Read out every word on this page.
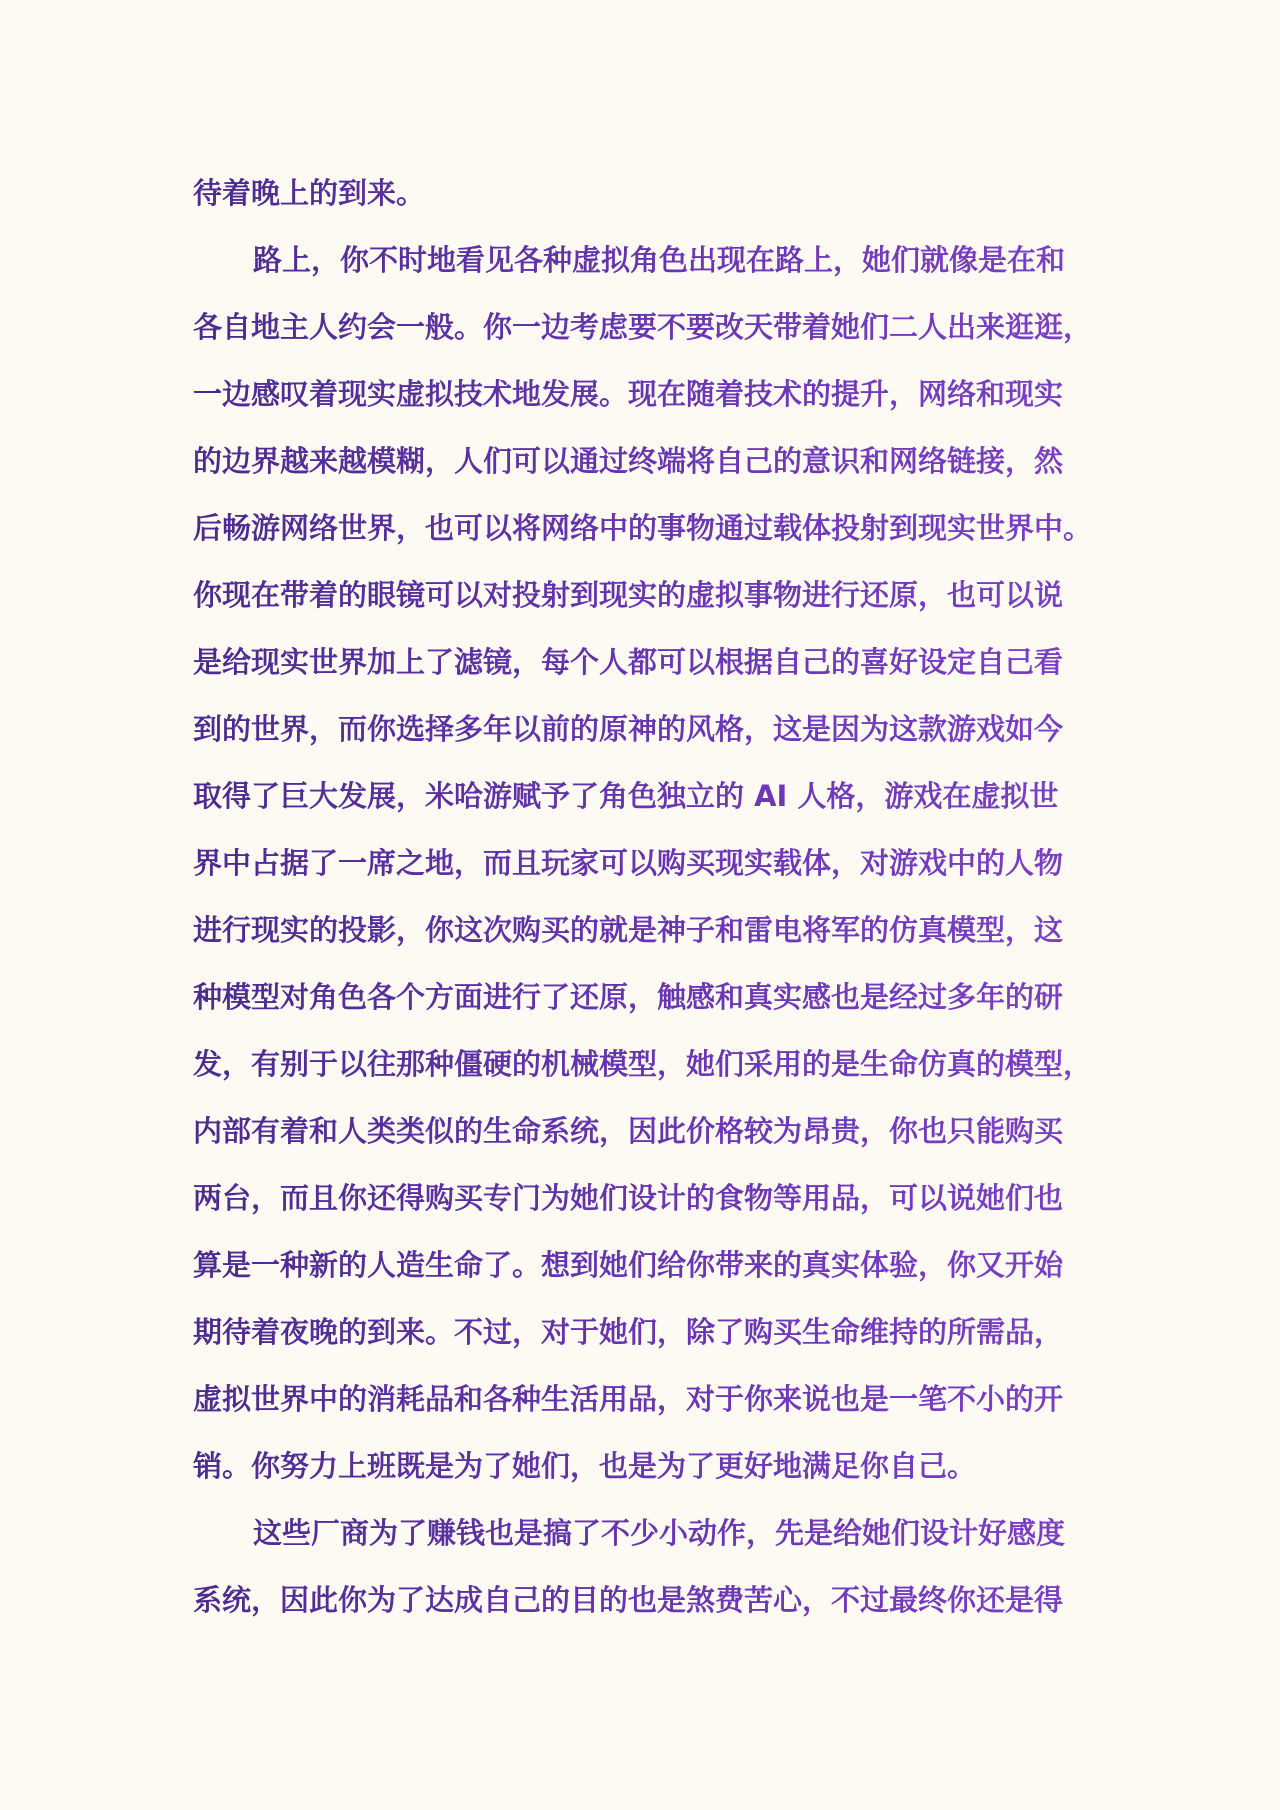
待着晚上的到来。
路上，你不时地看见各种虚拟角色出现在路上，她们就像是在和
各自地主人约会一般。你一边考虑要不要改天带着她们二人出来逛逛，
一边感叹着现实虚拟技术地发展。现在随着技术的提升，网络和现实
的边界越来越模糊，人们可以通过终端将自己的意识和网络链接，然
后畅游网络世界，也可以将网络中的事物通过载体投射到现实世界中。
你现在带着的眼镜可以对投射到现实的虚拟事物进行还原，也可以说
是给现实世界加上了滤镜，每个人都可以根据自己的喜好设定自己看
到的世界，而你选择多年以前的原神的风格，这是因为这款游戏如今
取得了巨大发展，米哈游赋予了角色独立的 AI 人格，游戏在虚拟世
界中占据了一席之地，而且玩家可以购买现实载体，对游戏中的人物
进行现实的投影，你这次购买的就是神子和雷电将军的仿真模型，这
种模型对角色各个方面进行了还原，触感和真实感也是经过多年的研
发，有别于以往那种僵硬的机械模型，她们采用的是生命仿真的模型，
内部有着和人类类似的生命系统，因此价格较为昂贵，你也只能购买
两台，而且你还得购买专门为她们设计的食物等用品，可以说她们也
算是一种新的人造生命了。想到她们给你带来的真实体验，你又开始
期待着夜晚的到来。不过，对于她们，除了购买生命维持的所需品，
虚拟世界中的消耗品和各种生活用品，对于你来说也是一笔不小的开
销。你努力上班既是为了她们，也是为了更好地满足你自己。
这些厂商为了赚钱也是搞了不少小动作，先是给她们设计好感度
系统，因此你为了达成自己的目的也是煞费苦心，不过最终你还是得
